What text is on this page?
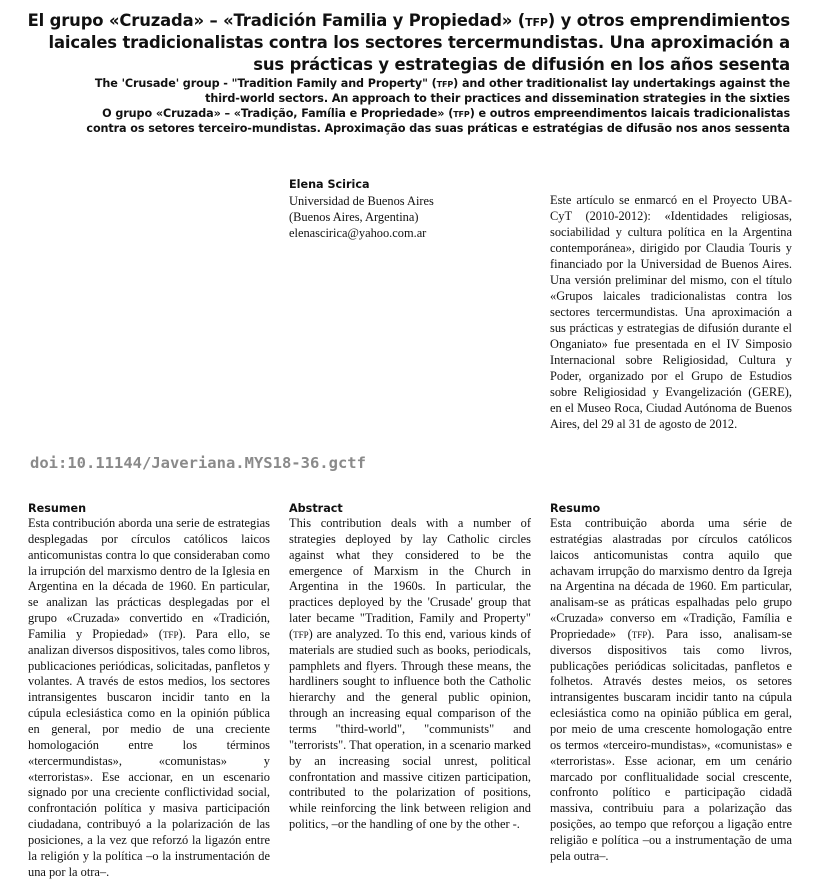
El grupo «Cruzada» – «Tradición Familia y Propiedad» (tfp) y otros emprendimientos
laicales tradicionalistas contra los sectores tercermundistas. Una aproximación a
sus prácticas y estrategias de difusión en los años sesenta
The 'Crusade' group - "Tradition Family and Property" (tfp) and other traditionalist lay undertakings against the
third-world sectors. An approach to their practices and dissemination strategies in the sixties
O grupo «Cruzada» – «Tradição, Família e Propriedade» (tfp) e outros empreendimentos laicais tradicionalistas
contra os setores terceiro-mundistas. Aproximação das suas práticas e estratégias de difusão nos anos sessenta
Elena Scirica
Universidad de Buenos Aires
(Buenos Aires, Argentina)
elenascirica@yahoo.com.ar
Este artículo se enmarcó en el Proyecto UBA-CyT (2010-2012): «Identidades religiosas, sociabilidad y cultura política en la Argentina contemporánea», dirigido por Claudia Touris y financiado por la Universidad de Buenos Aires. Una versión preliminar del mismo, con el título «Grupos laicales tradicionalistas contra los sectores tercermundistas. Una aproximación a sus prácticas y estrategias de difusión durante el Onganiato» fue presentada en el IV Simposio Internacional sobre Religiosidad, Cultura y Poder, organizado por el Grupo de Estudios sobre Religiosidad y Evangelización (GERE), en el Museo Roca, Ciudad Autónoma de Buenos Aires, del 29 al 31 de agosto de 2012.
doi:10.11144/Javeriana.MYS18-36.gctf
Resumen

Esta contribución aborda una serie de estrategias desplegadas por círculos católicos laicos anticomunistas contra lo que consideraban como la irrupción del marxismo dentro de la Iglesia en Argentina en la década de 1960. En particular, se analizan las prácticas desplegadas por el grupo «Cruzada» convertido en «Tradición, Familia y Propiedad» (tfp). Para ello, se analizan diversos dispositivos, tales como libros, publicaciones periódicas, solicitadas, panfletos y volantes. A través de estos medios, los sectores intransigentes buscaron incidir tanto en la cúpula eclesiástica como en la opinión pública en general, por medio de una creciente homologación entre los términos «tercermundistas», «comunistas» y «terroristas». Ese accionar, en un escenario signado por una creciente conflictividad social, confrontación política y masiva participación ciudadana, contribuyó a la polarización de las posiciones, a la vez que reforzó la ligazón entre la religión y la política –o la instrumentación de una por la otra–.

Abstract

This contribution deals with a number of strategies deployed by lay Catholic circles against what they considered to be the emergence of Marxism in the Church in Argentina in the 1960s. In particular, the practices deployed by the 'Crusade' group that later became "Tradition, Family and Property" (tfp) are analyzed. To this end, various kinds of materials are studied such as books, periodicals, pamphlets and flyers. Through these means, the hardliners sought to influence both the Catholic hierarchy and the general public opinion, through an increasing equal comparison of the terms "third-world", "communists" and "terrorists". That operation, in a scenario marked by an increasing social unrest, political confrontation and massive citizen participation, contributed to the polarization of positions, while reinforcing the link between religion and politics, –or the handling of one by the other -.

Resumo

Esta contribuição aborda uma série de estratégias alastradas por círculos católicos laicos anticomunistas contra aquilo que achavam irrupção do marxismo dentro da Igreja na Argentina na década de 1960. Em particular, analisam-se as práticas espalhadas pelo grupo «Cruzada» converso em «Tradição, Família e Propriedade» (tfp). Para isso, analisam-se diversos dispositivos tais como livros, publicações periódicas solicitadas, panfletos e folhetos. Através destes meios, os setores intransigentes buscaram incidir tanto na cúpula eclesiástica como na opinião pública em geral, por meio de uma crescente homologação entre os termos «terceiro-mundistas», «comunistas» e «terroristas». Esse acionar, em um cenário marcado por conflitualidade social crescente, confronto político e participação cidadã massiva, contribuiu para a polarização das posições, ao tempo que reforçou a ligação entre religião e política –ou a instrumentação de uma pela outra–.
